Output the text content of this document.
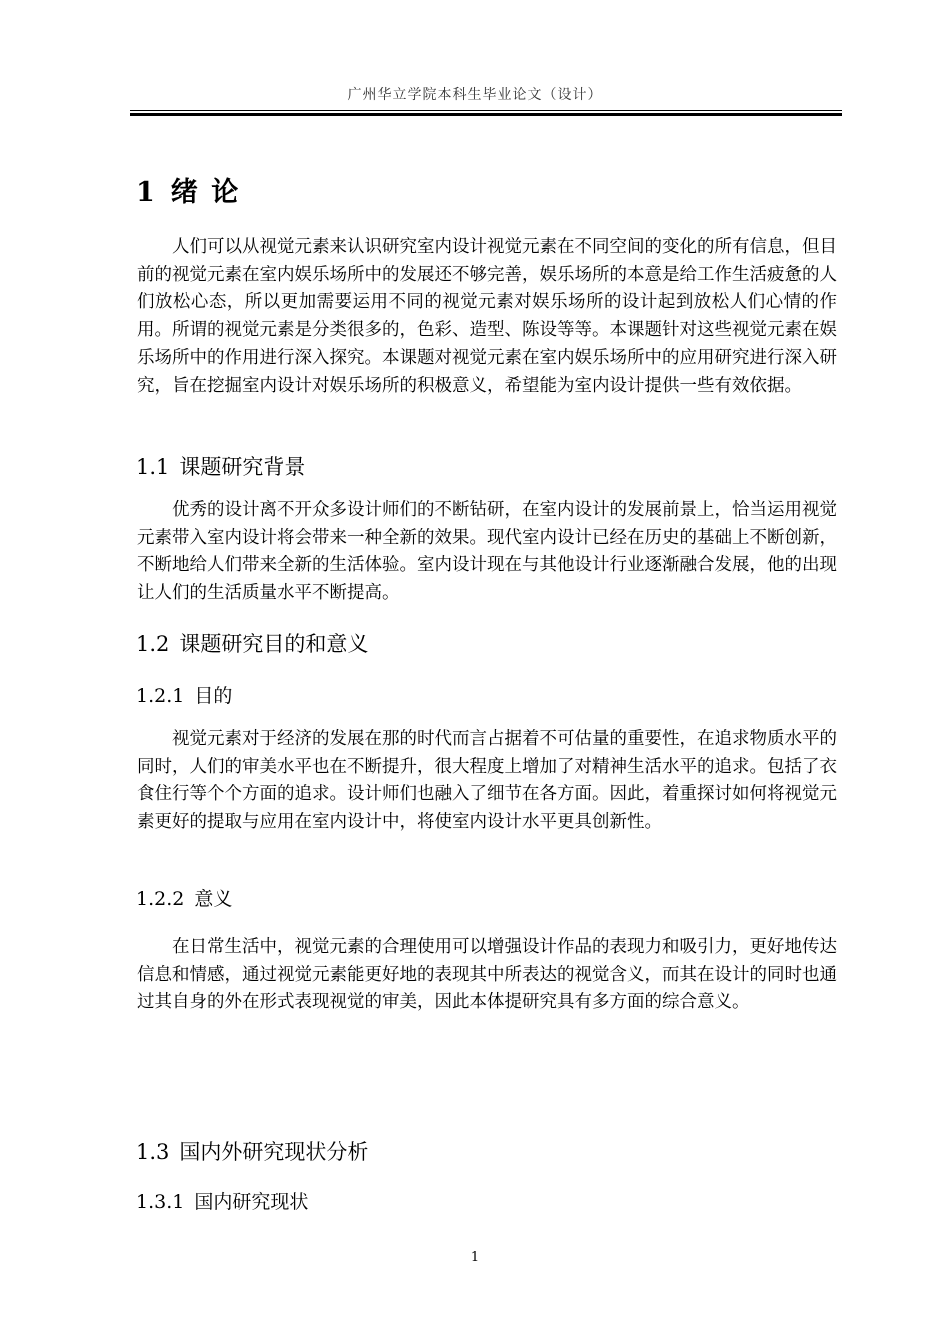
广州华立学院本科生毕业论文（设计）
1 绪 论

人们可以从视觉元素来认识研究室内设计视觉元素在不同空间的变化的所有信息，但目前的视觉元素在室内娱乐场所中的发展还不够完善，娱乐场所的本意是给工作生活疲惫的人们放松心态，所以更加需要运用不同的视觉元素对娱乐场所的设计起到放松人们心情的作用。所谓的视觉元素是分类很多的，色彩、造型、陈设等等。本课题针对这些视觉元素在娱乐场所中的作用进行深入探究。本课题对视觉元素在室内娱乐场所中的应用研究进行深入研究，旨在挖掘室内设计对娱乐场所的积极意义，希望能为室内设计提供一些有效依据。

1.1 课题研究背景

优秀的设计离不开众多设计师们的不断钻研，在室内设计的发展前景上，恰当运用视觉元素带入室内设计将会带来一种全新的效果。现代室内设计已经在历史的基础上不断创新，不断地给人们带来全新的生活体验。室内设计现在与其他设计行业逐渐融合发展，他的出现让人们的生活质量水平不断提高。

1.2 课题研究目的和意义
1.2.1 目的

视觉元素对于经济的发展在那的时代而言占据着不可估量的重要性，在追求物质水平的同时，人们的审美水平也在不断提升，很大程度上增加了对精神生活水平的追求。包括了衣食住行等个个方面的追求。设计师们也融入了细节在各方面。因此，着重探讨如何将视觉元素更好的提取与应用在室内设计中，将使室内设计水平更具创新性。

1.2.2 意义

在日常生活中，视觉元素的合理使用可以增强设计作品的表现力和吸引力，更好地传达信息和情感，通过视觉元素能更好地的表现其中所表达的视觉含义，而其在设计的同时也通过其自身的外在形式表现视觉的审美，因此本体提研究具有多方面的综合意义。

1.3 国内外研究现状分析
1.3.1 国内研究现状
1
